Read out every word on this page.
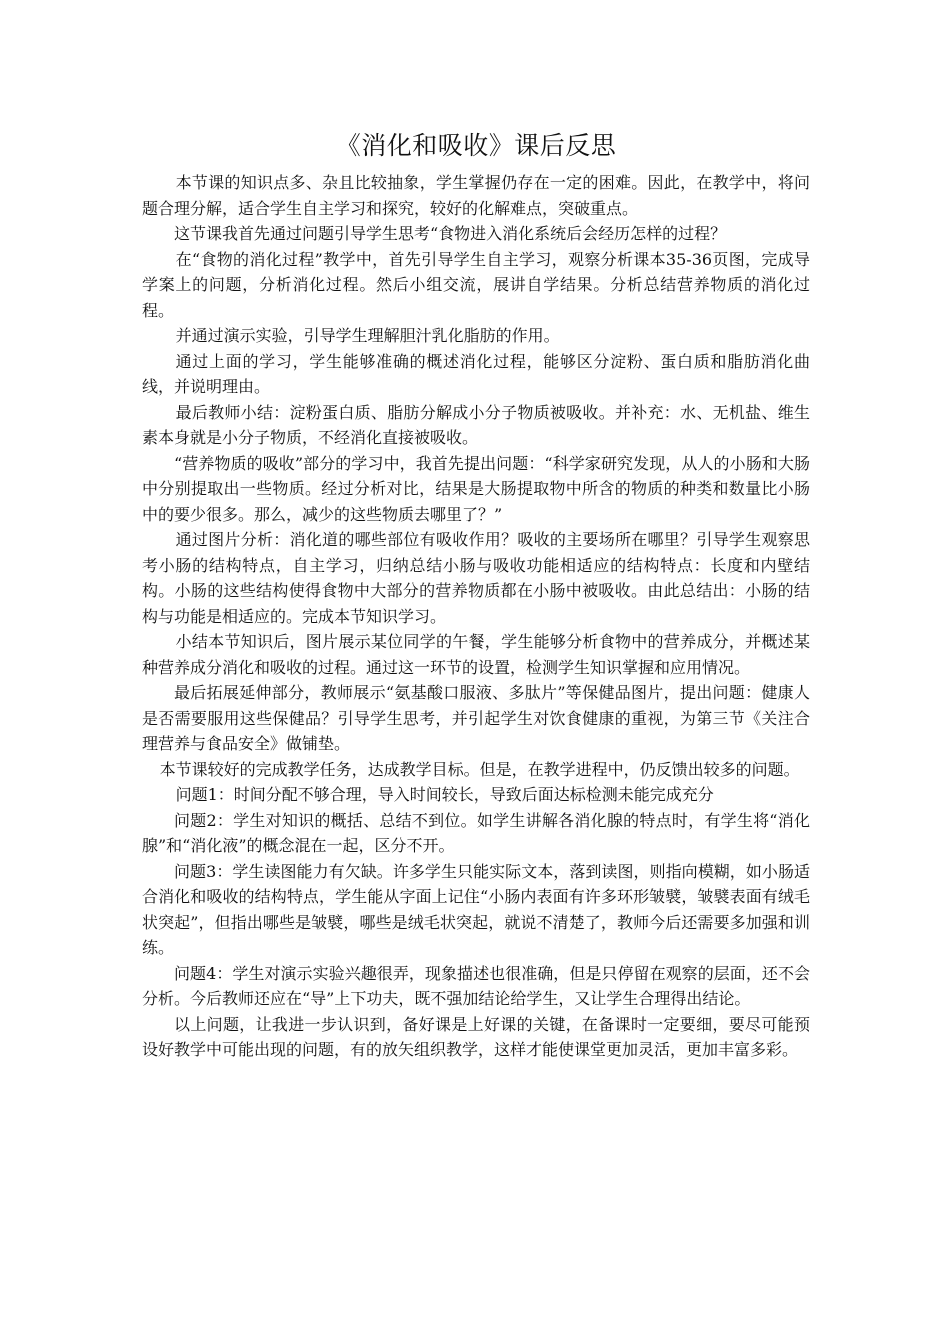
《消化和吸收》课后反思

本节课的知识点多、杂且比较抽象，学生掌握仍存在一定的困难。因此，在教学中，将问题合理分解，适合学生自主学习和探究，较好的化解难点，突破重点。

这节课我首先通过问题引导学生思考“食物进入消化系统后会经历怎样的过程？

在“食物的消化过程”教学中，首先引导学生自主学习，观察分析课本35-36页图，完成导学案上的问题，分析消化过程。然后小组交流，展讲自学结果。分析总结营养物质的消化过程。

并通过演示实验，引导学生理解胆汁乳化脂肪的作用。

通过上面的学习，学生能够准确的概述消化过程，能够区分淀粉、蛋白质和脂肪消化曲线，并说明理由。

最后教师小结：淀粉蛋白质、脂肪分解成小分子物质被吸收。并补充：水、无机盐、维生素本身就是小分子物质，不经消化直接被吸收。

“营养物质的吸收”部分的学习中，我首先提出问题：“科学家研究发现，从人的小肠和大肠中分别提取出一些物质。经过分析对比，结果是大肠提取物中所含的物质的种类和数量比小肠中的要少很多。那么，减少的这些物质去哪里了？”

通过图片分析：消化道的哪些部位有吸收作用？吸收的主要场所在哪里？引导学生观察思考小肠的结构特点，自主学习，归纳总结小肠与吸收功能相适应的结构特点：长度和内壁结构。小肠的这些结构使得食物中大部分的营养物质都在小肠中被吸收。由此总结出：小肠的结构与功能是相适应的。完成本节知识学习。

小结本节知识后，图片展示某位同学的午餐，学生能够分析食物中的营养成分，并概述某种营养成分消化和吸收的过程。通过这一环节的设置，检测学生知识掌握和应用情况。

最后拓展延伸部分，教师展示“氨基酸口服液、多肽片”等保健品图片，提出问题：健康人是否需要服用这些保健品？引导学生思考，并引起学生对饮食健康的重视，为第三节《关注合理营养与食品安全》做铺垫。

本节课较好的完成教学任务，达成教学目标。但是，在教学进程中，仍反馈出较多的问题。

问题1：时间分配不够合理，导入时间较长，导致后面达标检测未能完成充分

问题2：学生对知识的概括、总结不到位。如学生讲解各消化腺的特点时，有学生将“消化腺”和“消化液”的概念混在一起，区分不开。

问题3：学生读图能力有欠缺。许多学生只能实际文本，落到读图，则指向模糊，如小肠适合消化和吸收的结构特点，学生能从字面上记住“小肠内表面有许多环形皱襞，皱襞表面有绒毛状突起”，但指出哪些是皱襞，哪些是绒毛状突起，就说不清楚了，教师今后还需要多加强和训练。

问题4：学生对演示实验兴趣很弄，现象描述也很准确，但是只停留在观察的层面，还不会分析。今后教师还应在“导”上下功夫，既不强加结论给学生，又让学生合理得出结论。

以上问题，让我进一步认识到，备好课是上好课的关键，在备课时一定要细，要尽可能预设好教学中可能出现的问题，有的放矢组织教学，这样才能使课堂更加灵活，更加丰富多彩。
